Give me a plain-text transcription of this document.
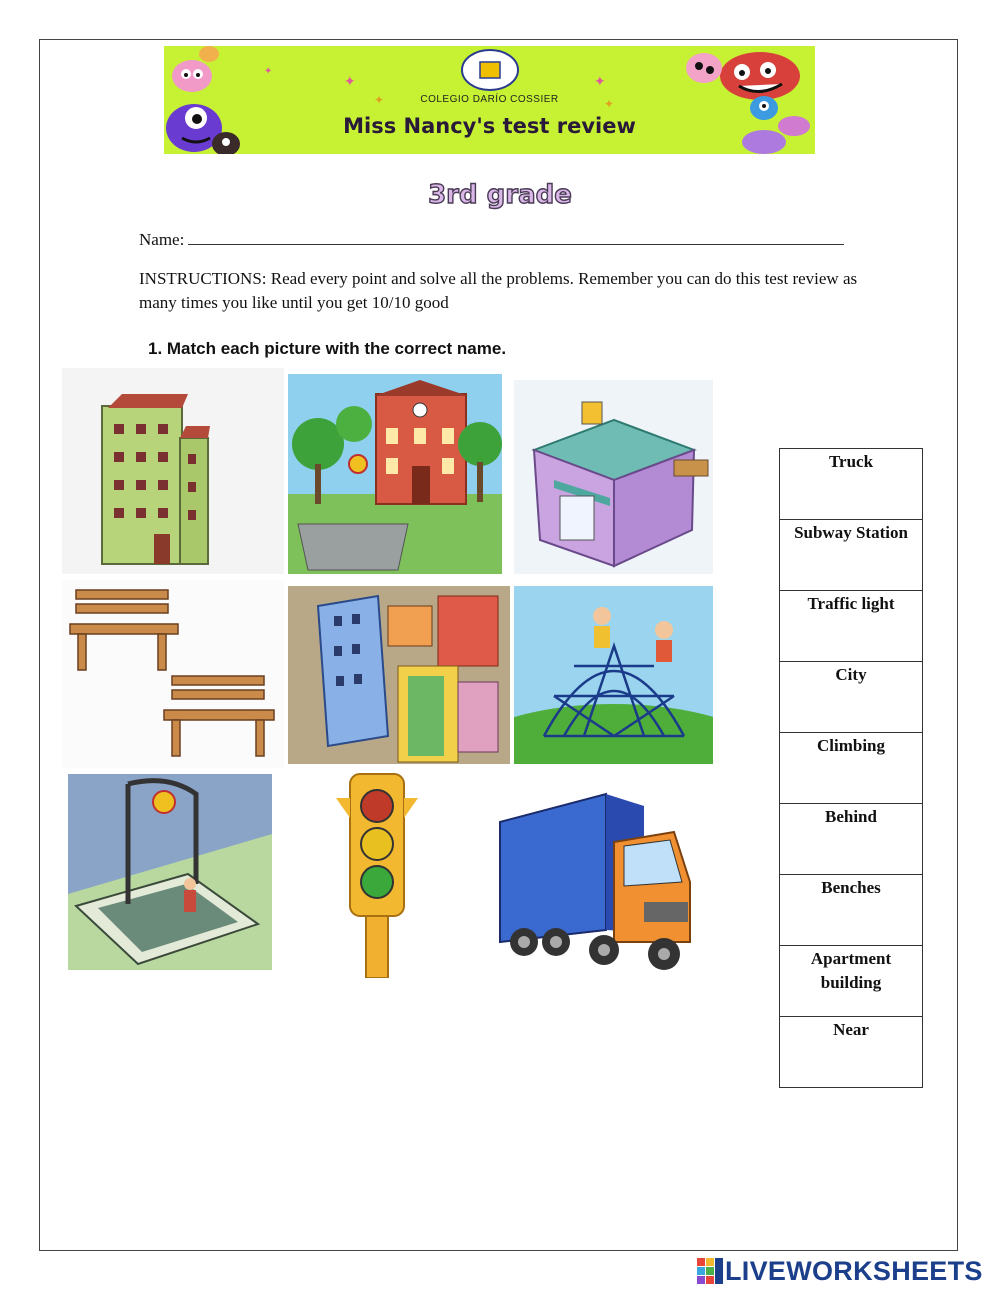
✦
✦
✦
✦
✦
COLEGIO DARÍO COSSIER
Miss Nancy's test review
3rd grade
Name:
INSTRUCTIONS: Read every point and solve all the problems. Remember you can do this test review as many times you like until you get 10/10 good
1. Match each picture with the correct name.
Truck
Subway Station
Traffic light
City
Climbing
Behind
Benches
Apartment building
Near
LIVEWORKSHEETS
